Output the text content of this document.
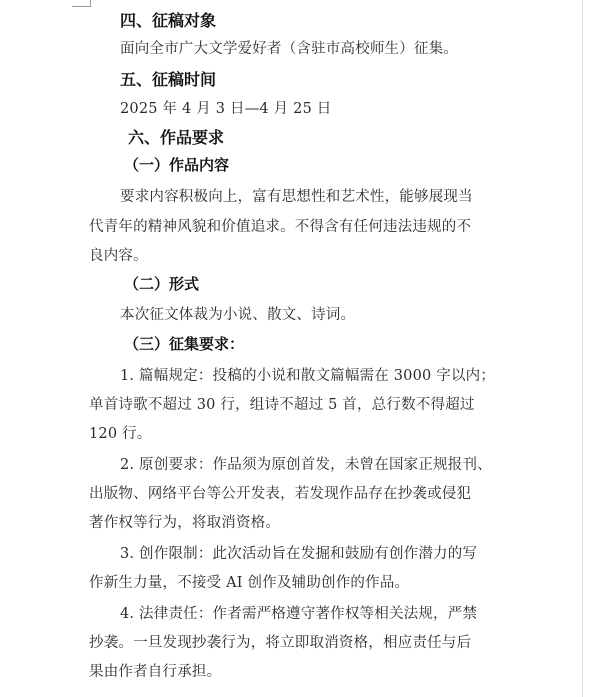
四、征稿对象
面向全市广大文学爱好者（含驻市高校师生）征集。
五、征稿时间
2025 年 4 月 3 日—4 月 25 日
六、作品要求
（一）作品内容
要求内容积极向上，富有思想性和艺术性，能够展现当
代青年的精神风貌和价值追求。不得含有任何违法违规的不
良内容。
（二）形式
本次征文体裁为小说、散文、诗词。
（三）征集要求：
1. 篇幅规定：投稿的小说和散文篇幅需在 3000 字以内；
单首诗歌不超过 30 行，组诗不超过 5 首，总行数不得超过
120 行。
2. 原创要求：作品须为原创首发，未曾在国家正规报刊、
出版物、网络平台等公开发表，若发现作品存在抄袭或侵犯
著作权等行为，将取消资格。
3. 创作限制：此次活动旨在发掘和鼓励有创作潜力的写
作新生力量，不接受 AI 创作及辅助创作的作品。
4. 法律责任：作者需严格遵守著作权等相关法规，严禁
抄袭。一旦发现抄袭行为，将立即取消资格，相应责任与后
果由作者自行承担。
